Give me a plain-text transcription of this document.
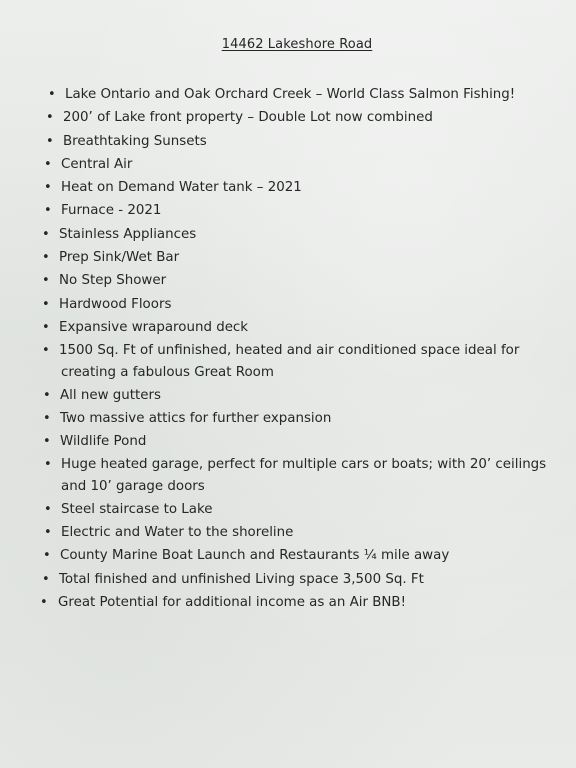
14462 Lakeshore Road
• Lake Ontario and Oak Orchard Creek – World Class Salmon Fishing!
• 200’ of Lake front property – Double Lot now combined
• Breathtaking Sunsets
• Central Air
• Heat on Demand Water tank – 2021
• Furnace - 2021
• Stainless Appliances
• Prep Sink/Wet Bar
• No Step Shower
• Hardwood Floors
• Expansive wraparound deck
• 1500 Sq. Ft of unfinished, heated and air conditioned space ideal for creating a fabulous Great Room
• All new gutters
• Two massive attics for further expansion
• Wildlife Pond
• Huge heated garage, perfect for multiple cars or boats; with 20’ ceilings and 10’ garage doors
• Steel staircase to Lake
• Electric and Water to the shoreline
• County Marine Boat Launch and Restaurants ¼ mile away
• Total finished and unfinished Living space 3,500 Sq. Ft
• Great Potential for additional income as an Air BNB!
